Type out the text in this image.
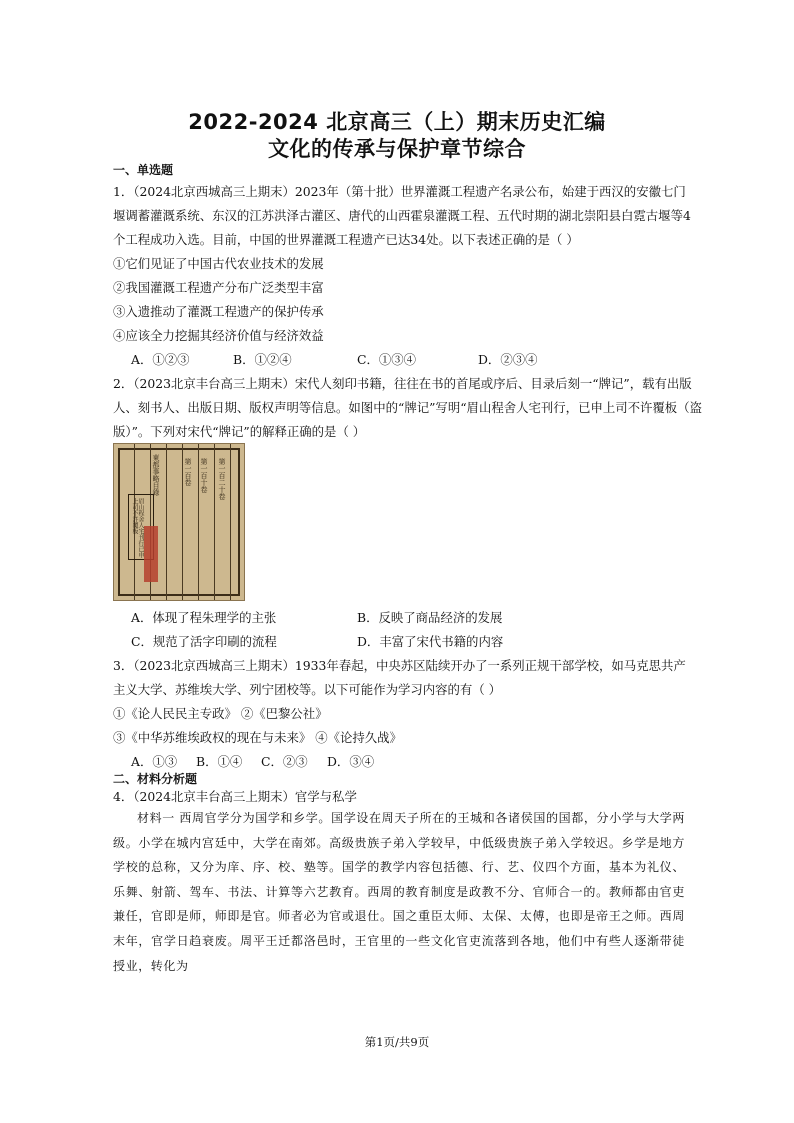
2022-2024 北京高三（上）期末历史汇编
文化的传承与保护章节综合
一、单选题
1．（2024北京西城高三上期末）2023年（第十批）世界灌溉工程遗产名录公布，始建于西汉的安徽七门
堰调蓄灌溉系统、东汉的江苏洪泽古灌区、唐代的山西霍泉灌溉工程、五代时期的湖北崇阳县白霓古堰等4
个工程成功入选。目前，中国的世界灌溉工程遗产已达34处。以下表述正确的是（ ）
①它们见证了中国古代农业技术的发展
②我国灌溉工程遗产分布广泛类型丰富
③入遗推动了灌溉工程遗产的保护传承
④应该全力挖掘其经济价值与经济效益
A．①②③	B．①②④	C．①③④	D．②③④
2．（2023北京丰台高三上期末）宋代人刻印书籍，往往在书的首尾或序后、目录后刻一“牌记”，载有出版
人、刻书人、出版日期、版权声明等信息。如图中的“牌记”写明“眉山程舍人宅刊行，已申上司不许覆板（盗
版）”。下列对宋代“牌记”的解释正确的是（ ）
東都事略目錄	第一百卷 第一百十卷 第一百二十卷
眉山程舍人宅刊行已申上司不許覆板
A．体现了程朱理学的主张	B．反映了商品经济的发展
C．规范了活字印刷的流程	D．丰富了宋代书籍的内容
3．（2023北京西城高三上期末）1933年春起，中央苏区陆续开办了一系列正规干部学校，如马克思共产
主义大学、苏维埃大学、列宁团校等。以下可能作为学习内容的有（ ）
①《论人民民主专政》 ②《巴黎公社》
③《中华苏维埃政权的现在与未来》 ④《论持久战》
A．①③ B．①④ C．②③ D．③④
二、材料分析题
4．（2024北京丰台高三上期末）官学与私学

材料一 西周官学分为国学和乡学。国学设在周天子所在的王城和各诸侯国的国都，分小学与大学两级。小学在城内宫廷中，大学在南郊。高级贵族子弟入学较早，中低级贵族子弟入学较迟。乡学是地方学校的总称，又分为庠、序、校、塾等。国学的教学内容包括德、行、艺、仪四个方面，基本为礼仪、乐舞、射箭、驾车、书法、计算等六艺教育。西周的教育制度是政教不分、官师合一的。教师都由官吏兼任，官即是师，师即是官。师者必为官或退仕。国之重臣太师、太保、太傅，也即是帝王之师。西周末年，官学日趋衰废。周平王迁都洛邑时，王官里的一些文化官吏流落到各地，他们中有些人逐渐带徒授业，转化为

第1页/共9页
